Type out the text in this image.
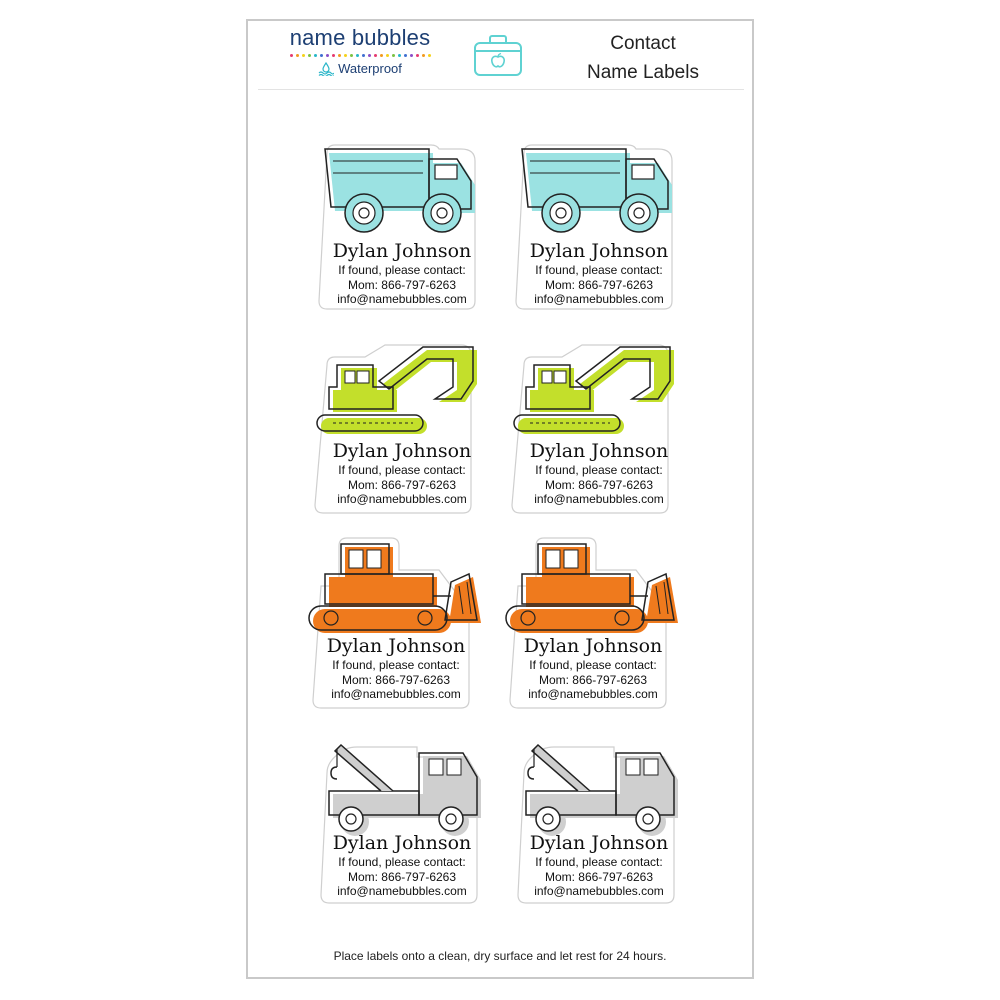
name bubbles
Waterproof
Contact
Name Labels
Dylan Johnson
If found, please contact:
Mom: 866-797-6263
info@namebubbles.com
Dylan Johnson
If found, please contact:
Mom: 866-797-6263
info@namebubbles.com
Dylan Johnson
If found, please contact:
Mom: 866-797-6263
info@namebubbles.com
Dylan Johnson
If found, please contact:
Mom: 866-797-6263
info@namebubbles.com
Dylan Johnson
If found, please contact:
Mom: 866-797-6263
info@namebubbles.com
Dylan Johnson
If found, please contact:
Mom: 866-797-6263
info@namebubbles.com
Dylan Johnson
If found, please contact:
Mom: 866-797-6263
info@namebubbles.com
Dylan Johnson
If found, please contact:
Mom: 866-797-6263
info@namebubbles.com
Place labels onto a clean, dry surface and let rest for 24 hours.
